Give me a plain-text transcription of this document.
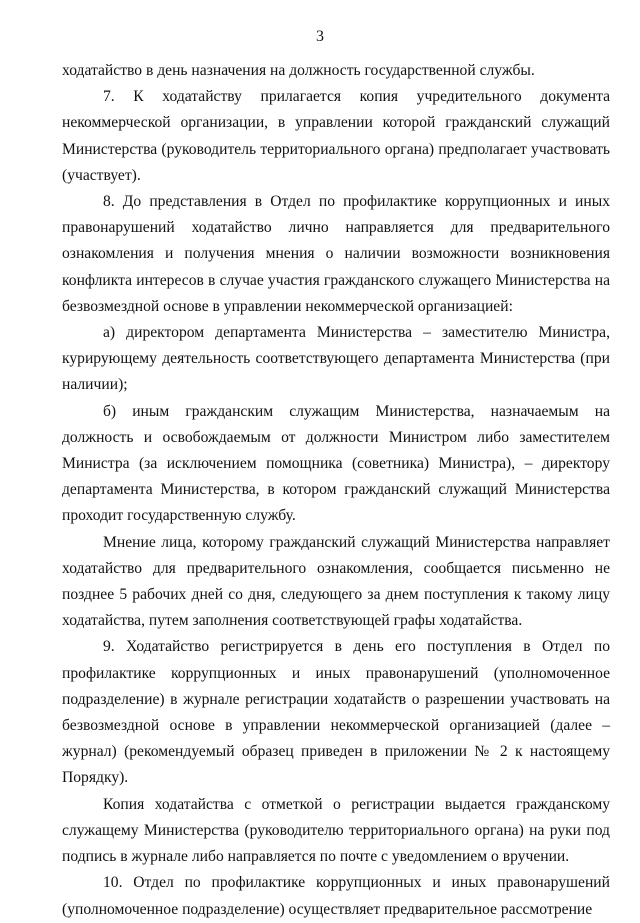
3

ходатайство в день назначения на должность государственной службы.

7. К ходатайству прилагается копия учредительного документа некоммерческой организации, в управлении которой гражданский служащий Министерства (руководитель территориального органа) предполагает участвовать (участвует).

8. До представления в Отдел по профилактике коррупционных и иных правонарушений ходатайство лично направляется для предварительного ознакомления и получения мнения о наличии возможности возникновения конфликта интересов в случае участия гражданского служащего Министерства на безвозмездной основе в управлении некоммерческой организацией:

а) директором департамента Министерства – заместителю Министра, курирующему деятельность соответствующего департамента Министерства (при наличии);

б) иным гражданским служащим Министерства, назначаемым на должность и освобождаемым от должности Министром либо заместителем Министра (за исключением помощника (советника) Министра), – директору департамента Министерства, в котором гражданский служащий Министерства проходит государственную службу.

Мнение лица, которому гражданский служащий Министерства направляет ходатайство для предварительного ознакомления, сообщается письменно не позднее 5 рабочих дней со дня, следующего за днем поступления к такому лицу ходатайства, путем заполнения соответствующей графы ходатайства.

9. Ходатайство регистрируется в день его поступления в Отдел по профилактике коррупционных и иных правонарушений (уполномоченное подразделение) в журнале регистрации ходатайств о разрешении участвовать на безвозмездной основе в управлении некоммерческой организацией (далее – журнал) (рекомендуемый образец приведен в приложении № 2 к настоящему Порядку).

Копия ходатайства с отметкой о регистрации выдается гражданскому служащему Министерства (руководителю территориального органа) на руки под подпись в журнале либо направляется по почте с уведомлением о вручении.

10. Отдел по профилактике коррупционных и иных правонарушений (уполномоченное подразделение) осуществляет предварительное рассмотрение
